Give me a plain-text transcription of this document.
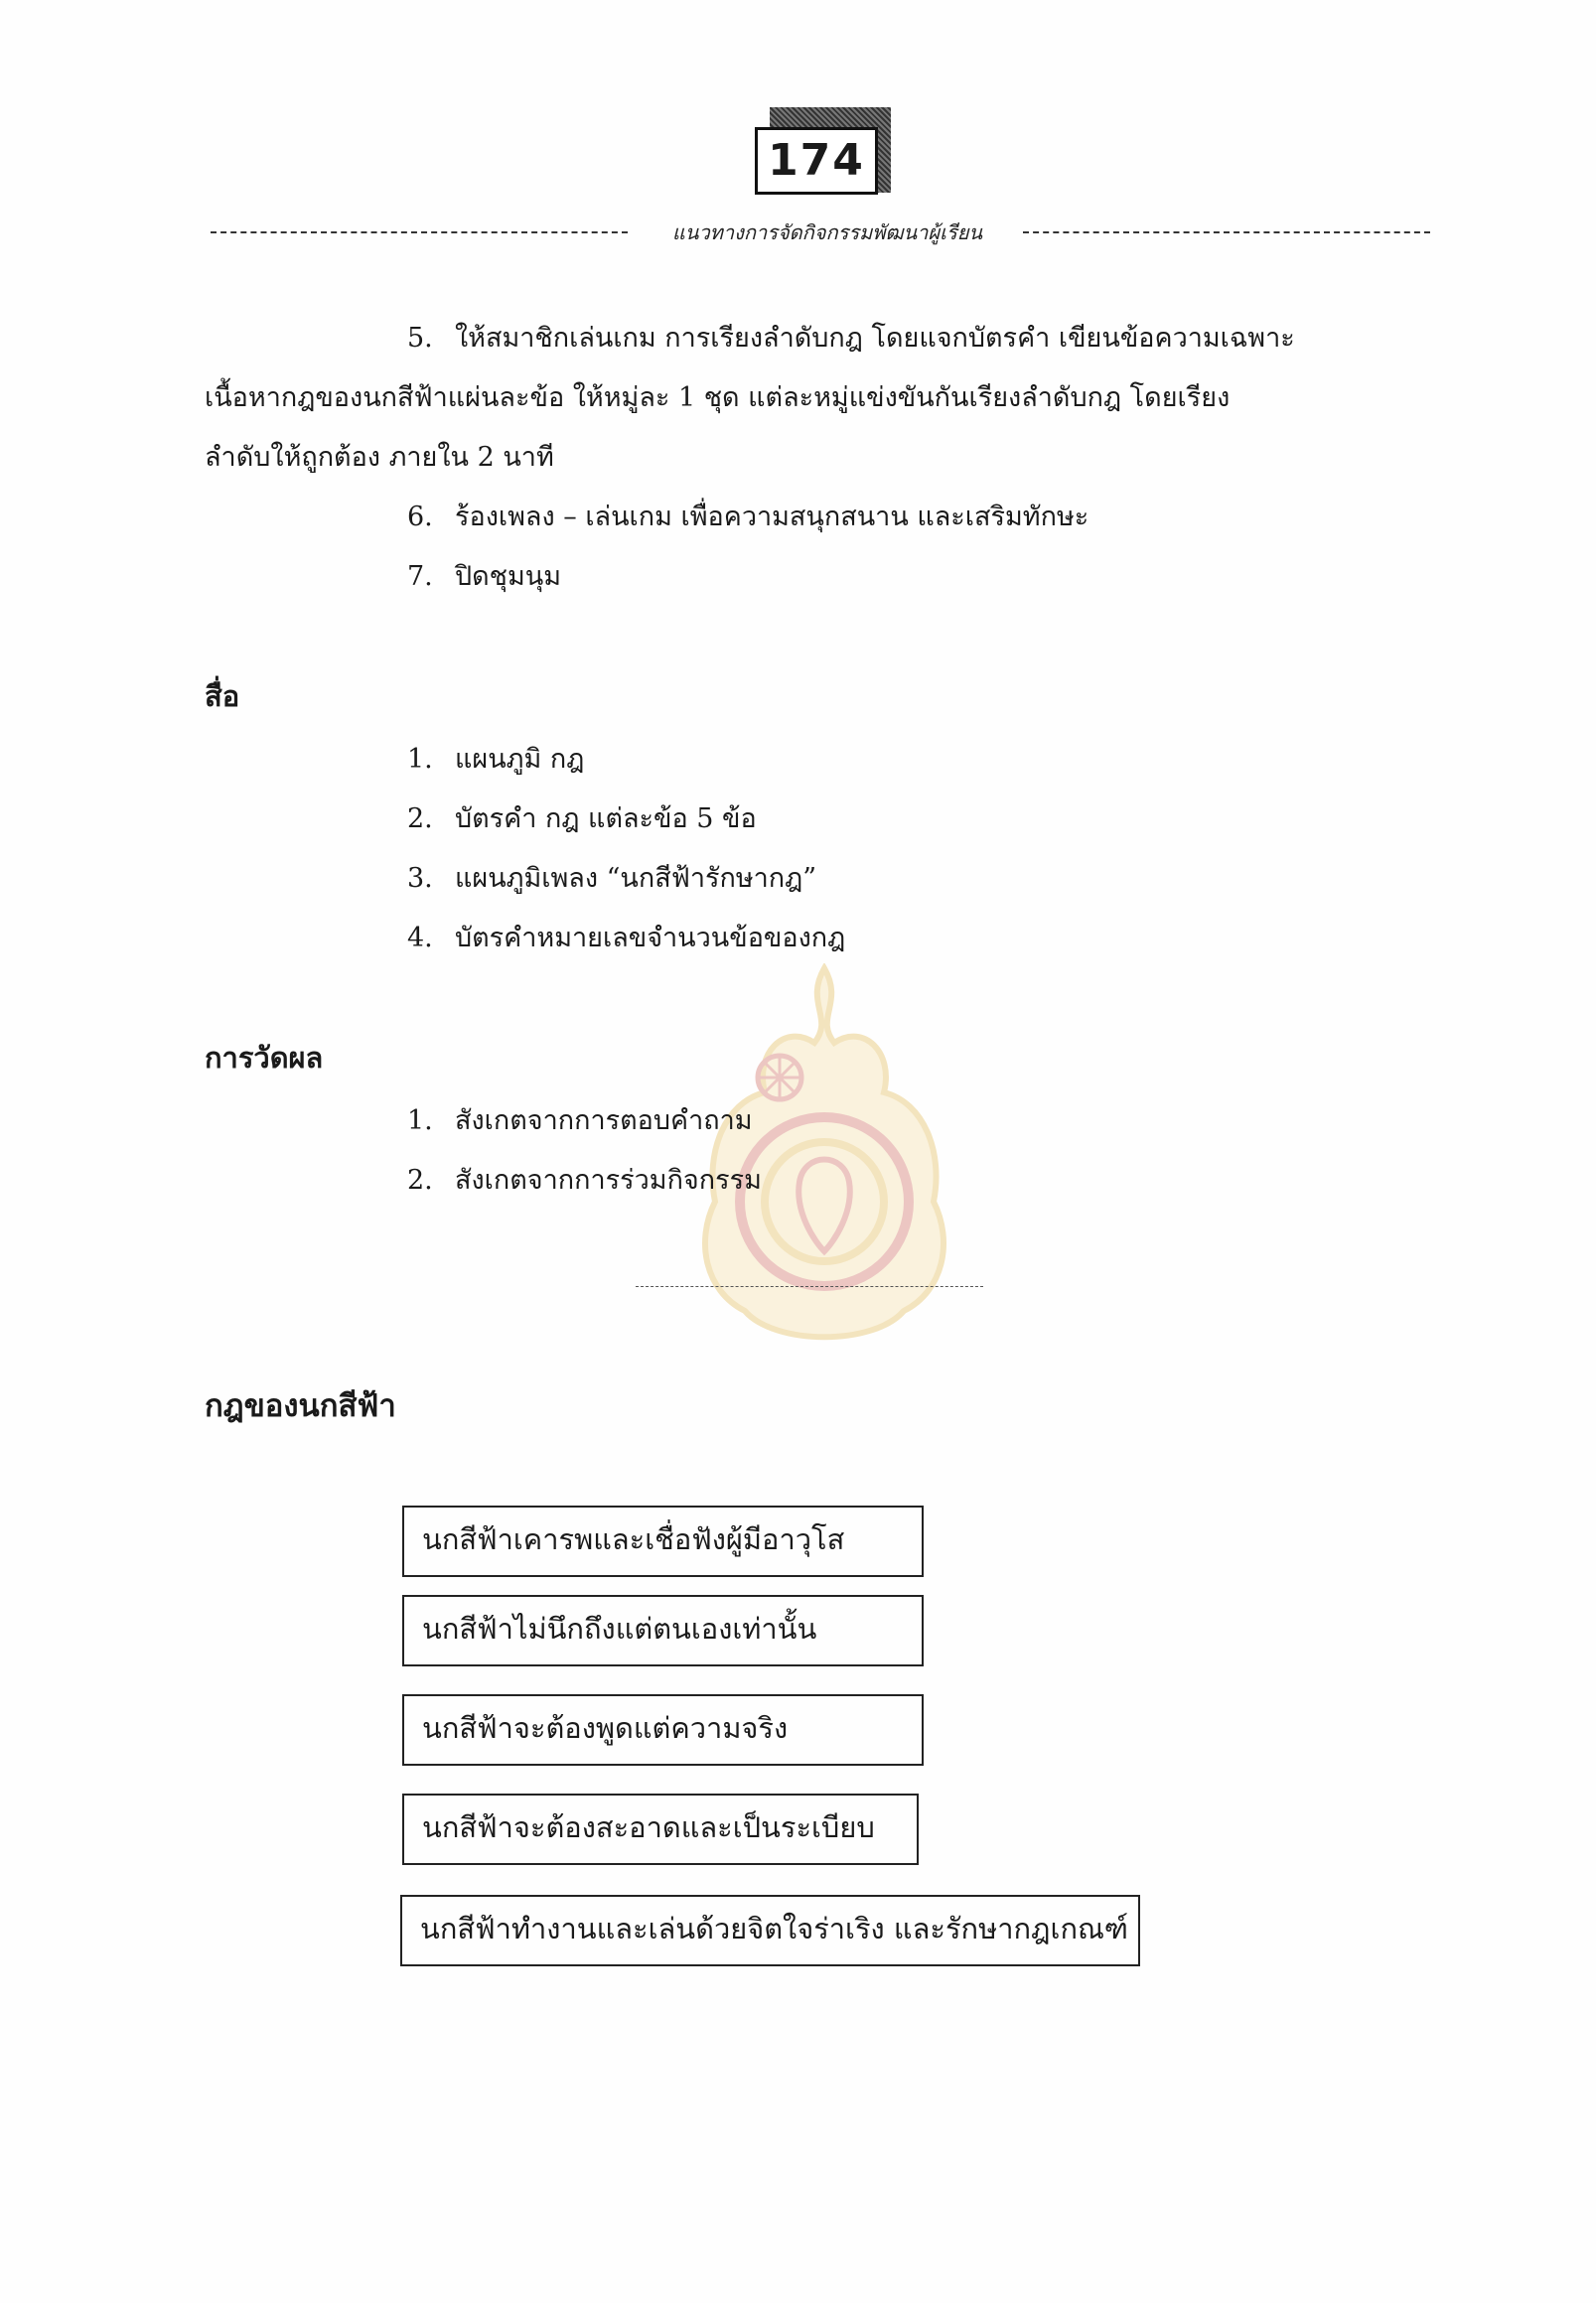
174
แนวทางการจัดกิจกรรมพัฒนาผู้เรียน
5. ให้สมาชิกเล่นเกม การเรียงลำดับกฎ โดยแจกบัตรคำ เขียนข้อความเฉพาะ
เนื้อหากฎของนกสีฟ้าแผ่นละข้อ ให้หมู่ละ 1 ชุด แต่ละหมู่แข่งขันกันเรียงลำดับกฎ โดยเรียง
ลำดับให้ถูกต้อง ภายใน 2 นาที
6. ร้องเพลง – เล่นเกม เพื่อความสนุกสนาน และเสริมทักษะ
7. ปิดชุมนุม
สื่อ
1. แผนภูมิ กฎ
2. บัตรคำ กฎ แต่ละข้อ 5 ข้อ
3. แผนภูมิเพลง “นกสีฟ้ารักษากฎ”
4. บัตรคำหมายเลขจำนวนข้อของกฎ
การวัดผล
1. สังเกตจากการตอบคำถาม
2. สังเกตจากการร่วมกิจกรรม
กฎของนกสีฟ้า
นกสีฟ้าเคารพและเชื่อฟังผู้มีอาวุโส
นกสีฟ้าไม่นึกถึงแต่ตนเองเท่านั้น
นกสีฟ้าจะต้องพูดแต่ความจริง
นกสีฟ้าจะต้องสะอาดและเป็นระเบียบ
นกสีฟ้าทำงานและเล่นด้วยจิตใจร่าเริง และรักษากฎเกณฑ์
